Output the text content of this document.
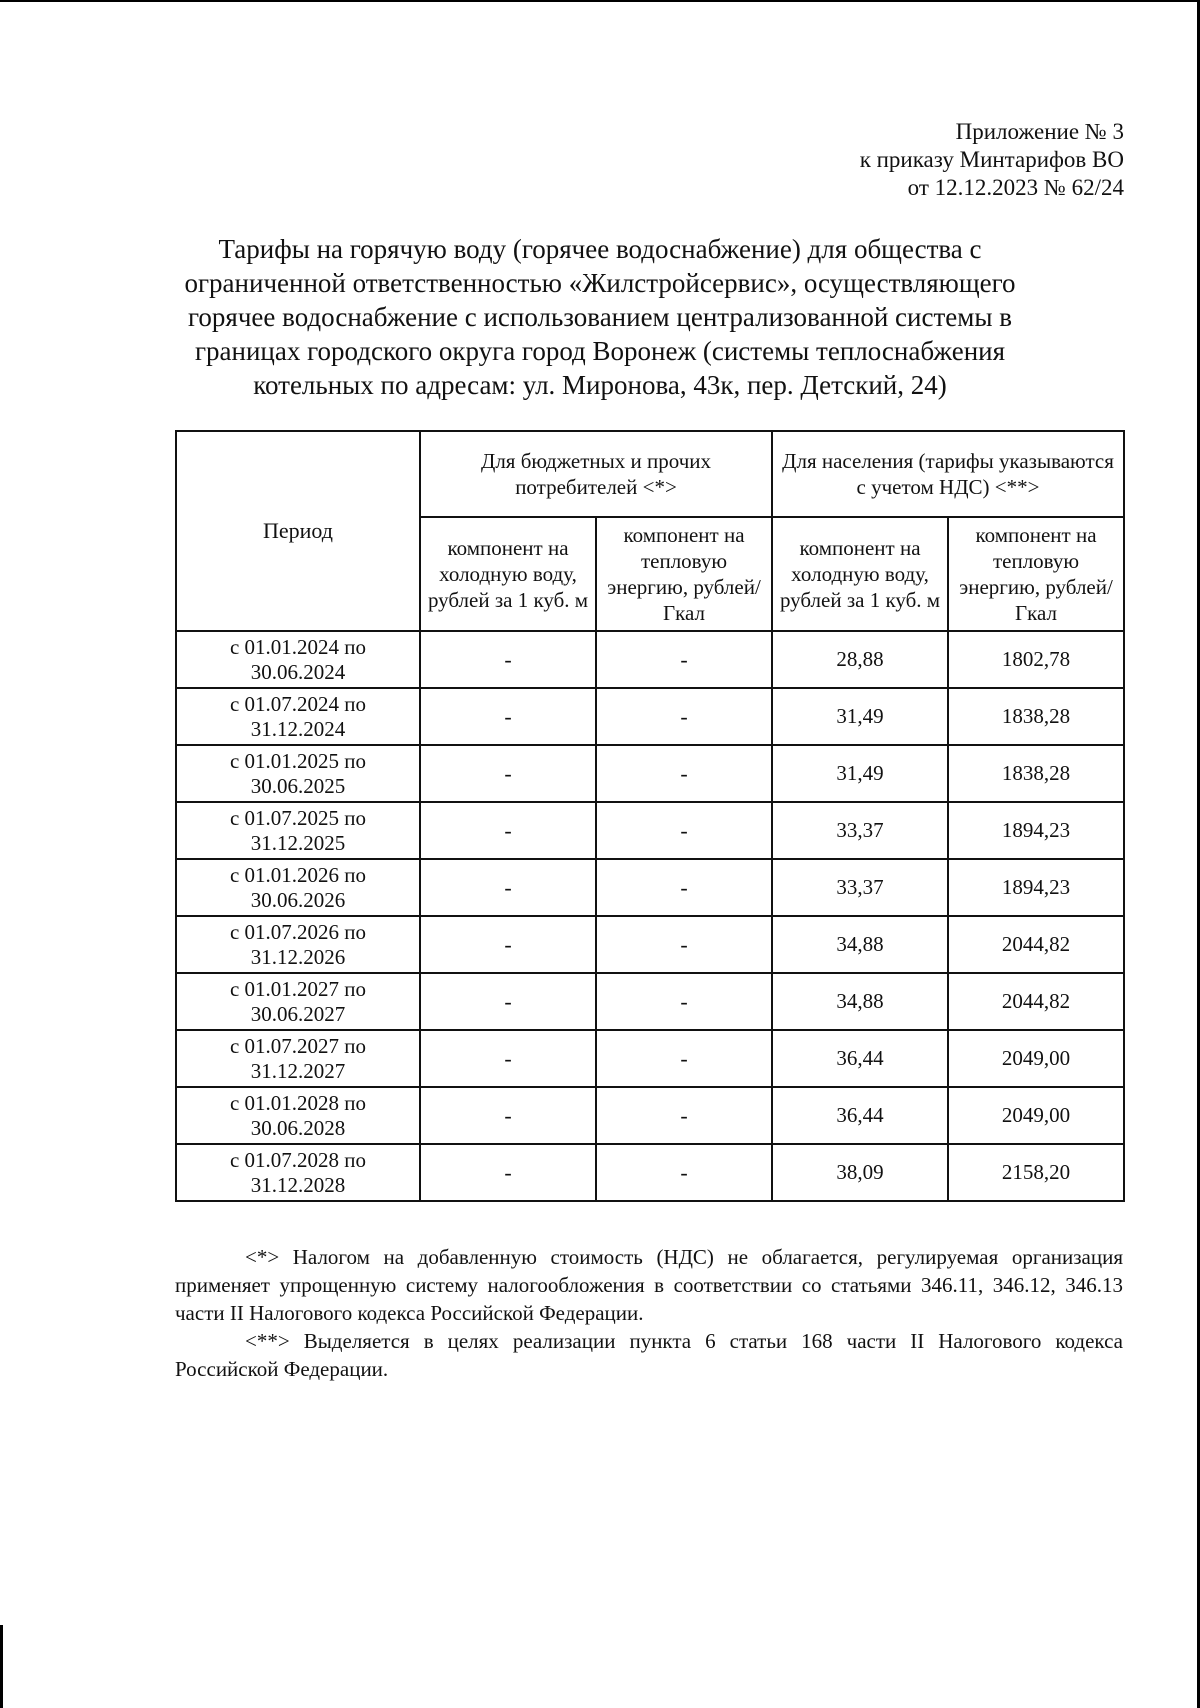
Приложение № 3
к приказу Минтарифов ВО
от 12.12.2023 № 62/24
Тарифы на горячую воду (горячее водоснабжение) для общества с
ограниченной ответственностью «Жилстройсервис», осуществляющего
горячее водоснабжение с использованием централизованной системы в
границах городского округа город Воронеж (системы теплоснабжения
котельных по адресам: ул. Миронова, 43к, пер. Детский, 24)
Период	Для бюджетных и прочих потребителей <*>		Для населения (тарифы указываются с учетом НДС) <**>	
	компонент на холодную воду, рублей за 1 куб. м	компонент на тепловую энергию, рублей/Гкал	компонент на холодную воду, рублей за 1 куб. м	компонент на тепловую энергию, рублей/Гкал
с 01.01.2024 по 30.06.2024	-	-	28,88	1802,78
с 01.07.2024 по 31.12.2024	-	-	31,49	1838,28
с 01.01.2025 по 30.06.2025	-	-	31,49	1838,28
с 01.07.2025 по 31.12.2025	-	-	33,37	1894,23
с 01.01.2026 по 30.06.2026	-	-	33,37	1894,23
с 01.07.2026 по 31.12.2026	-	-	34,88	2044,82
с 01.01.2027 по 30.06.2027	-	-	34,88	2044,82
с 01.07.2027 по 31.12.2027	-	-	36,44	2049,00
с 01.01.2028 по 30.06.2028	-	-	36,44	2049,00
с 01.07.2028 по 31.12.2028	-	-	38,09	2158,20

<*> Налогом на добавленную стоимость (НДС) не облагается, регулируемая организация применяет упрощенную систему налогообложения в соответствии со статьями 346.11, 346.12, 346.13 части II Налогового кодекса Российской Федерации.

<**> Выделяется в целях реализации пункта 6 статьи 168 части II Налогового кодекса Российской Федерации.
